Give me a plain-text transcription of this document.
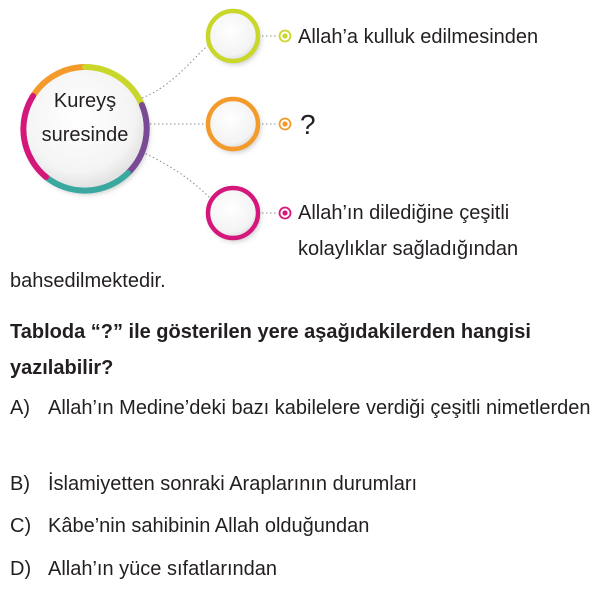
Kureyş
suresinde
Allah’a kulluk edilmesinden
?
Allah’ın dilediğine çeşitli
kolaylıklar sağladığından
bahsedilmektedir.
Tabloda “?” ile gösterilen yere aşağıdakilerden hangisi yazılabilir?
A) Allah’ın Medine’deki bazı kabilelere verdiği çeşitli nimetlerden
B) İslamiyetten sonraki Araplarının durumları
C) Kâbe’nin sahibinin Allah olduğundan
D) Allah’ın yüce sıfatlarından
